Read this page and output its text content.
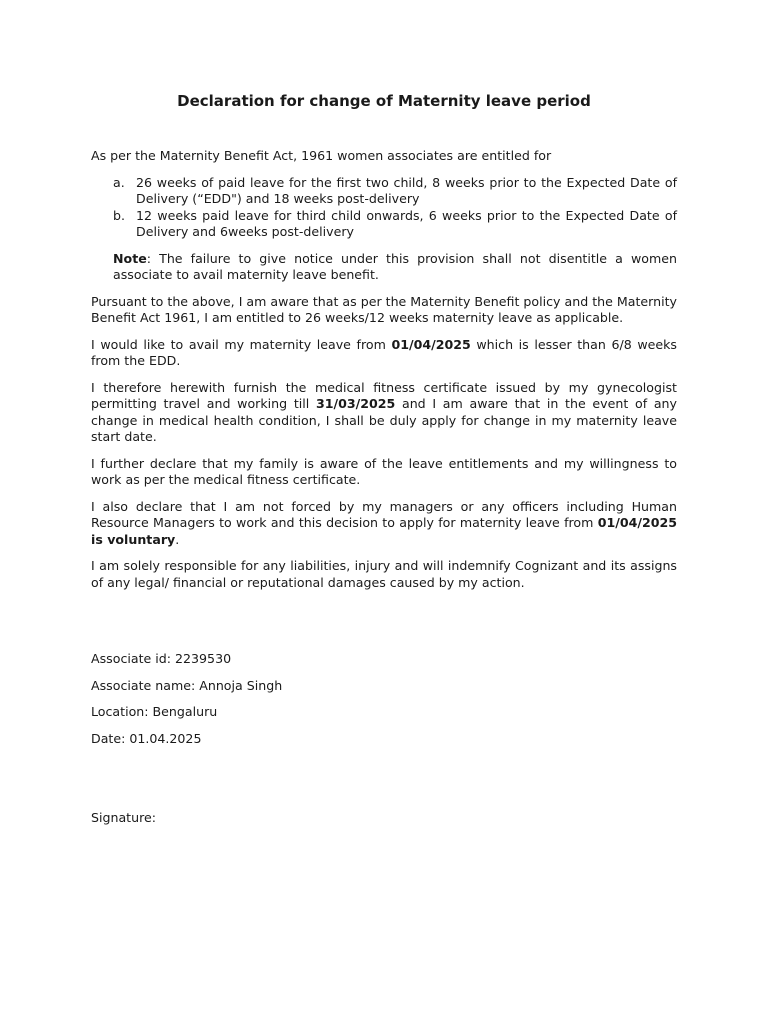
Declaration for change of Maternity leave period

As per the Maternity Benefit Act, 1961 women associates are entitled for

a. 26 weeks of paid leave for the first two child, 8 weeks prior to the Expected Date of Delivery (“EDD") and 18 weeks post-delivery
b. 12 weeks paid leave for third child onwards, 6 weeks prior to the Expected Date of Delivery and 6weeks post-delivery

Note: The failure to give notice under this provision shall not disentitle a women associate to avail maternity leave benefit.

Pursuant to the above, I am aware that as per the Maternity Benefit policy and the Maternity Benefit Act 1961, I am entitled to 26 weeks/12 weeks maternity leave as applicable.

I would like to avail my maternity leave from 01/04/2025 which is lesser than 6/8 weeks from the EDD.

I therefore herewith furnish the medical fitness certificate issued by my gynecologist permitting travel and working till 31/03/2025 and I am aware that in the event of any change in medical health condition, I shall be duly apply for change in my maternity leave start date.

I further declare that my family is aware of the leave entitlements and my willingness to work as per the medical fitness certificate.

I also declare that I am not forced by my managers or any officers including Human Resource Managers to work and this decision to apply for maternity leave from 01/04/2025 is voluntary.

I am solely responsible for any liabilities, injury and will indemnify Cognizant and its assigns of any legal/ financial or reputational damages caused by my action.

Associate id: 2239530
Associate name: Annoja Singh
Location: Bengaluru
Date: 01.04.2025
Signature:
